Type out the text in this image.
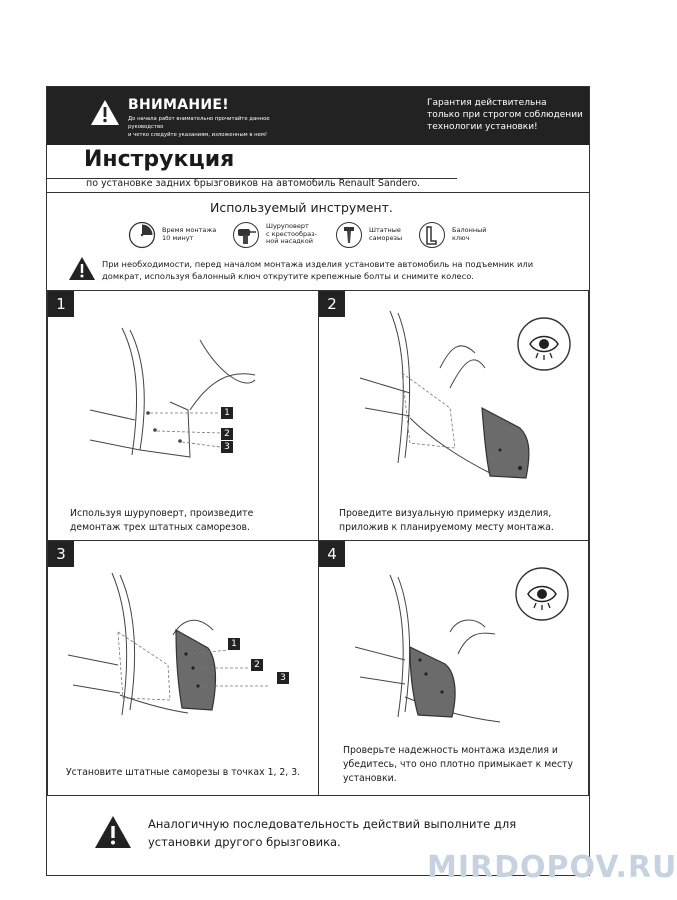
ВНИМАНИЕ!
До начала работ внимательно прочитайте данное руководство
и четко следуйте указаниям, изложенным в нем!
Гарантия действительна
только при строгом соблюдении
технологии установки!
Инструкция
по установке задних брызговиков на автомобиль Renault Sandero.
Используемый инструмент.
Время монтажа
10 минут
Шуруповерт
с крестообраз-
ной насадкой
Штатные
саморезы
Балонный
ключ
При необходимости, перед началом монтажа изделия установите автомобиль на подъемник или
домкрат, используя балонный ключ открутите крепежные болты и снимите колесо.
1	2
3	4
1
2
3
1
2
3
Используя шуруповерт, произведите
демонтаж трех штатных саморезов.
Проведите визуальную примерку изделия,
приложив к планируемому месту монтажа.
Установите штатные саморезы в точках 1, 2, 3.
Проверьте надежность монтажа изделия и
убедитесь, что оно плотно примыкает к месту
установки.
Аналогичную последовательность действий выполните для
установки другого брызговика.
MIRDOPOV.RU
